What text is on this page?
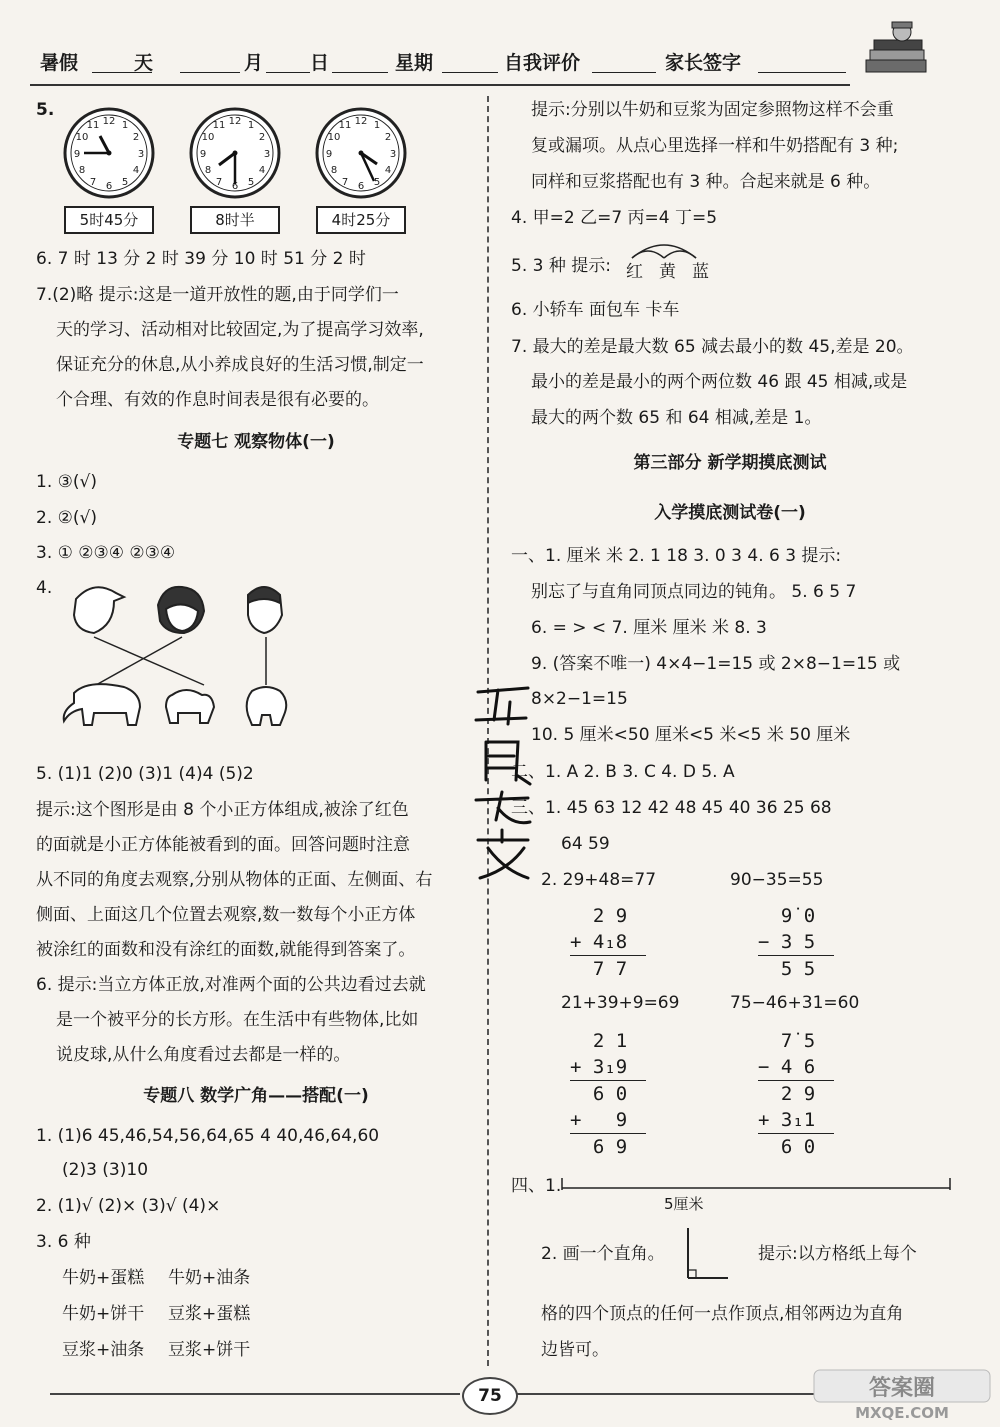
暑假	天	月 日	星期	自我评价	家长签字
5.
12 1
2
3
4
5
6
7
8
9
10
11	12 1
2
3
4
5
6
7
8
9
10
11	12 1
2
3
4
5
6
7
8
9
10
11
5时45分	8时半	4时25分
6. 7 时 13 分 2 时 39 分 10 时 51 分 2 时
7.(2)略 提示:这是一道开放性的题,由于同学们一
天的学习、活动相对比较固定,为了提高学习效率,
保证充分的休息,从小养成良好的生活习惯,制定一
个合理、有效的作息时间表是很有必要的。
专题七 观察物体(一)
1. ③(√)
2. ②(√)
3. ① ②③④ ②③④
4.
5. (1)1 (2)0 (3)1 (4)4 (5)2
提示:这个图形是由 8 个小正方体组成,被涂了红色
的面就是小正方体能被看到的面。回答问题时注意
从不同的角度去观察,分别从物体的正面、左侧面、右
侧面、上面这几个位置去观察,数一数每个小正方体
被涂红的面数和没有涂红的面数,就能得到答案了。
6. 提示:当立方体正放,对准两个面的公共边看过去就
是一个被平分的长方形。在生活中有些物体,比如
说皮球,从什么角度看过去都是一样的。
专题八 数学广角——搭配(一)
1. (1)6 45,46,54,56,64,65 4 40,46,64,60
(2)3 (3)10
2. (1)√ (2)× (3)√ (4)×
3. 6 种
牛奶+蛋糕 牛奶+油条
牛奶+饼干 豆浆+蛋糕
豆浆+油条 豆浆+饼干
提示:分别以牛奶和豆浆为固定参照物这样不会重
复或漏项。从点心里选择一样和牛奶搭配有 3 种;
同样和豆浆搭配也有 3 种。合起来就是 6 种。
4. 甲=2 乙=7 丙=4 丁=5
5. 3 种 提示: 红 黄 蓝
6. 小轿车 面包车 卡车
7. 最大的差是最大数 65 减去最小的数 45,差是 20。
最小的差是最小的两个两位数 46 跟 45 相减,或是
最大的两个数 65 和 64 相减,差是 1。
第三部分 新学期摸底测试
入学摸底测试卷(一)
一、1. 厘米 米 2. 1 18 3. 0 3 4. 6 3 提示:
别忘了与直角同顶点同边的钝角。 5. 6 5 7
6. = > < 7. 厘米 厘米 米 8. 3
9. (答案不唯一) 4×4−1=15 或 2×8−1=15 或
8×2−1=15
10. 5 厘米<50 厘米<5 米<5 米 50 厘米
二、1. A 2. B 3. C 4. D 5. A
三、1. 45 63 12 42 48 45 40 36 25 68
64 59
2. 29+48=77	90−35=55
2 9
+ 4₁8
7 7
9̇ 0
− 3 5
5 5
21+39+9=69	75−46+31=60
2 1
+ 3₁9
6 0
+   9
6 9
7̇ 5
− 4 6
2 9
+ 3₁1
6 0
四、1.
5厘米
2. 画一个直角。	提示:以方格纸上每个
格的四个顶点的任何一点作顶点,相邻两边为直角
边皆可。
75	答案圈
MXQE.COM
